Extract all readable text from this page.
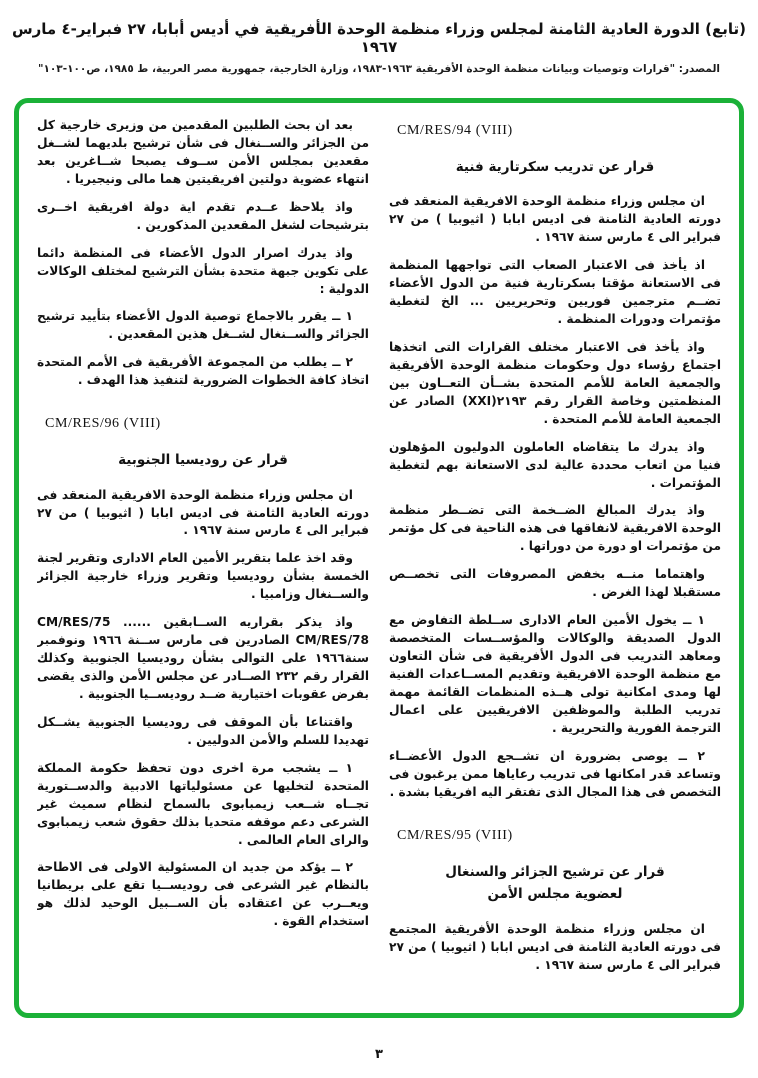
(تابع) الدورة العادية الثامنة لمجلس وزراء منظمة الوحدة الأفريقية في أديس أبابا، ٢٧ فبراير-٤ مارس ١٩٦٧
المصدر: "قرارات وتوصيات وبيانات منظمة الوحدة الأفريقية ١٩٦٣-١٩٨٣، وزارة الخارجية، جمهورية مصر العربية، ط ١٩٨٥، ص١٠٠-١٠٣"
CM/RES/94 (VIII)
قرار عن تدريب سكرتارية فنية

ان مجلس وزراء منظمة الوحدة الافريقية المنعقد فى دورته العادية الثامنة فى اديس ابابا ( اثيوبيا ) من ٢٧ فبراير الى ٤ مارس سنة ١٩٦٧ .

اذ يأخذ فى الاعتبار الصعاب التى تواجهها المنظمة فى الاستعانة مؤقتا بسكرتارية فنية من الدول الأعضاء تضــم مترجمين فوريين وتحريريين ... الخ لتغطية مؤتمرات ودورات المنظمة .

واذ يأخذ فى الاعتبار مختلف القرارات التى اتخذها اجتماع رؤساء دول وحكومات منظمة الوحدة الأفريقية والجمعية العامة للأمم المتحدة بشــأن التعــاون بين المنظمتين وخاصة القرار رقم ٢١٩٣(XXI) الصادر عن الجمعية العامة للأمم المتحدة .

واذ يدرك ما يتقاضاه العاملون الدوليون المؤهلون فنيا من اتعاب محددة عالية لدى الاستعانة بهم لتغطية المؤتمرات .

واذ يدرك المبالغ الضــخمة التى تضــطر منظمة الوحدة الافريقية لانفاقها فى هذه الناحية فى كل مؤتمر من مؤتمرات او دورة من دوراتها .

واهتماما منــه بخفض المصروفات التى تخصــص مستقبلا لهذا الغرض .

١ ــ يخول الأمين العام الادارى ســلطة التفاوض مع الدول الصديقة والوكالات والمؤســسات المتخصصة ومعاهد التدريب فى الدول الأفريقية فى شأن التعاون مع منظمة الوحدة الافريقية وتقديم المســاعدات الفنية لها ومدى امكانية تولى هــذه المنظمات القائمة مهمة تدريب الطلبة والموظفين الافريقيين على اعمال الترجمة الفورية والتحريرية .

٢ ــ يوصى بضرورة ان تشــجع الدول الأعضــاء وتساعد قدر امكانها فى تدريب رعاياها ممن يرغبون فى التخصص فى هذا المجال الذى تفتقر اليه افريقيا بشدة .

CM/RES/95 (VIII)
قرار عن ترشيح الجزائر والسنغال
لعضوية مجلس الأمن

ان مجلس وزراء منظمة الوحدة الأفريقية المجتمع فى دورته العادية الثامنة فى اديس ابابا ( اثيوبيا ) من ٢٧ فبراير الى ٤ مارس سنة ١٩٦٧ .

بعد ان بحث الطلبين المقدمين من وزيرى خارجية كل من الجزائر والســنغال فى شأن ترشيح بلديهما لشــغل مقعدين بمجلس الأمن ســوف يصبحا شــاغرين بعد انتهاء عضوية دولتين افريقيتين هما مالى ونيجيريا .

واذ يلاحظ عــدم تقدم اية دولة افريقية اخــرى بترشيحات لشغل المقعدين المذكورين .

واذ يدرك اصرار الدول الأعضاء فى المنظمة دائما على تكوين جبهة متحدة بشأن الترشيح لمختلف الوكالات الدولية :

١ ــ يقرر بالاجماع توصية الدول الأعضاء بتأييد ترشيح الجزائر والســنغال لشــغل هذين المقعدين .

٢ ــ يطلب من المجموعة الأفريقية فى الأمم المتحدة اتخاذ كافة الخطوات الضرورية لتنفيذ هذا الهدف .

CM/RES/96 (VIII)
قرار عن روديسيا الجنوبية

ان مجلس وزراء منظمة الوحدة الافريقية المنعقد فى دورته العادية الثامنة فى اديس ابابا ( اثيوبيا ) من ٢٧ فبراير الى ٤ مارس سنة ١٩٦٧ .

وقد اخذ علما بتقرير الأمين العام الادارى وتقرير لجنة الخمسة بشأن روديسيا وتقرير وزراء خارجية الجزائر والســنغال وزامبيا .

واذ يذكر بقراريه الســابقين ...... CM/RES/75 CM/RES/78 الصادرين فى مارس ســنة ١٩٦٦ ونوفمبر سنة١٩٦٦ على التوالى بشأن روديسيا الجنوبية وكذلك القرار رقم ٢٣٢ الصــادر عن مجلس الأمن والذى يقضى بفرض عقوبات اختيارية ضــد روديســيا الجنوبية .

واقتناعا بأن الموقف فى روديسيا الجنوبية يشــكل تهديدا للسلم والأمن الدوليين .

١ ــ يشجب مرة اخرى دون تحفظ حكومة المملكة المتحدة لتخليها عن مسئولياتها الادبية والدســتورية تجــاه شــعب زيمبابوى بالسماح لنظام سميث غير الشرعى دعم موقفه متحديا بذلك حقوق شعب زيمبابوى والراى العام العالمى .

٢ ــ يؤكد من جديد ان المسئولية الاولى فى الاطاحة بالنظام غير الشرعى فى روديســيا تقع على بريطانيا ويعــرب عن اعتقاده بأن الســبيل الوحيد لذلك هو استخدام القوة .

٣
